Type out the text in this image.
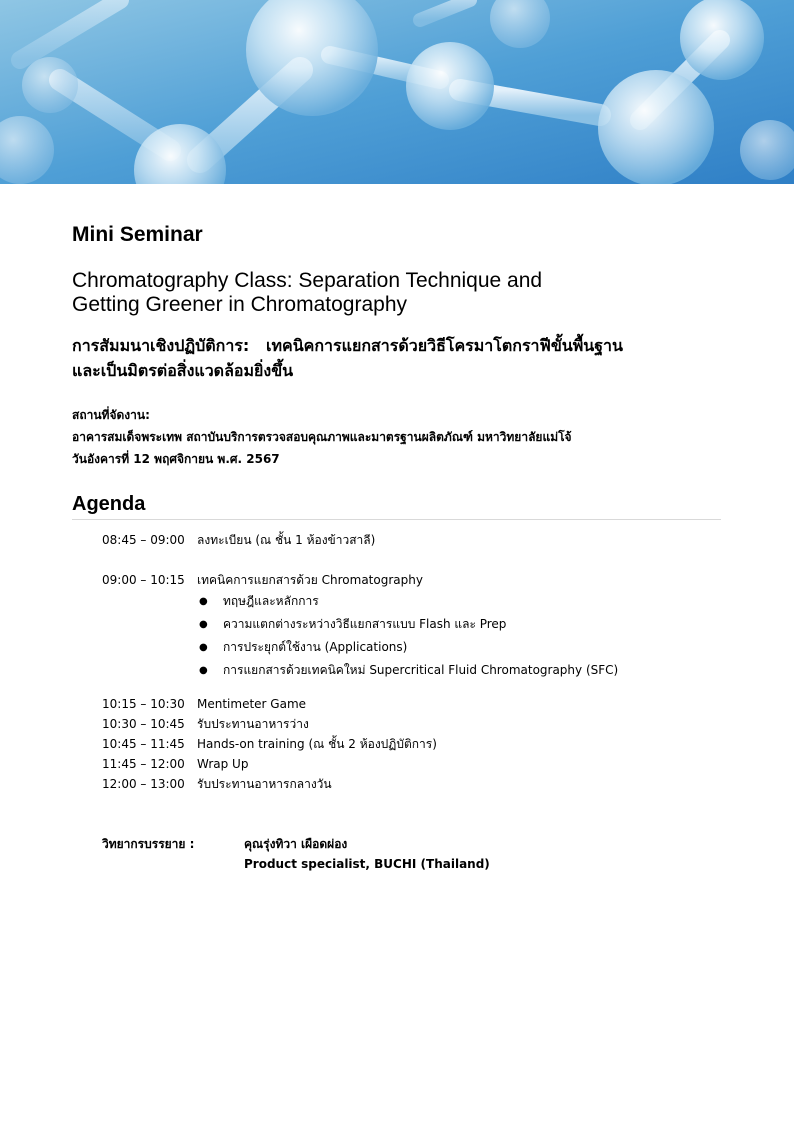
Mini Seminar
Chromatography Class: Separation Technique and
Getting Greener in Chromatography
การสัมมนาเชิงปฏิบัติการ:   เทคนิคการแยกสารด้วยวิธีโครมาโตกราฟีขั้นพื้นฐาน
และเป็นมิตรต่อสิ่งแวดล้อมยิ่งขึ้น
สถานที่จัดงาน:
อาคารสมเด็จพระเทพ สถาบันบริการตรวจสอบคุณภาพและมาตรฐานผลิตภัณฑ์ มหาวิทยาลัยแม่โจ้
วันอังคารที่ 12 พฤศจิกายน พ.ศ. 2567
Agenda
08:45 – 09:00	ลงทะเบียน (ณ ชั้น 1 ห้องข้าวสาลี)
09:00 – 10:15	เทคนิคการแยกสารด้วย Chromatography
●	ทฤษฎีและหลักการ
●	ความแตกต่างระหว่างวิธีแยกสารแบบ Flash และ Prep
●	การประยุกต์ใช้งาน (Applications)
●	การแยกสารด้วยเทคนิคใหม่ Supercritical Fluid Chromatography (SFC)
10:15 – 10:30	Mentimeter Game
10:30 – 10:45	รับประทานอาหารว่าง
10:45 – 11:45	Hands-on training (ณ ชั้น 2 ห้องปฏิบัติการ)
11:45 – 12:00	Wrap Up
12:00 – 13:00	รับประทานอาหารกลางวัน
วิทยากรบรรยาย :	คุณรุ่งทิวา เผือดผ่อง
Product specialist, BUCHI (Thailand)
